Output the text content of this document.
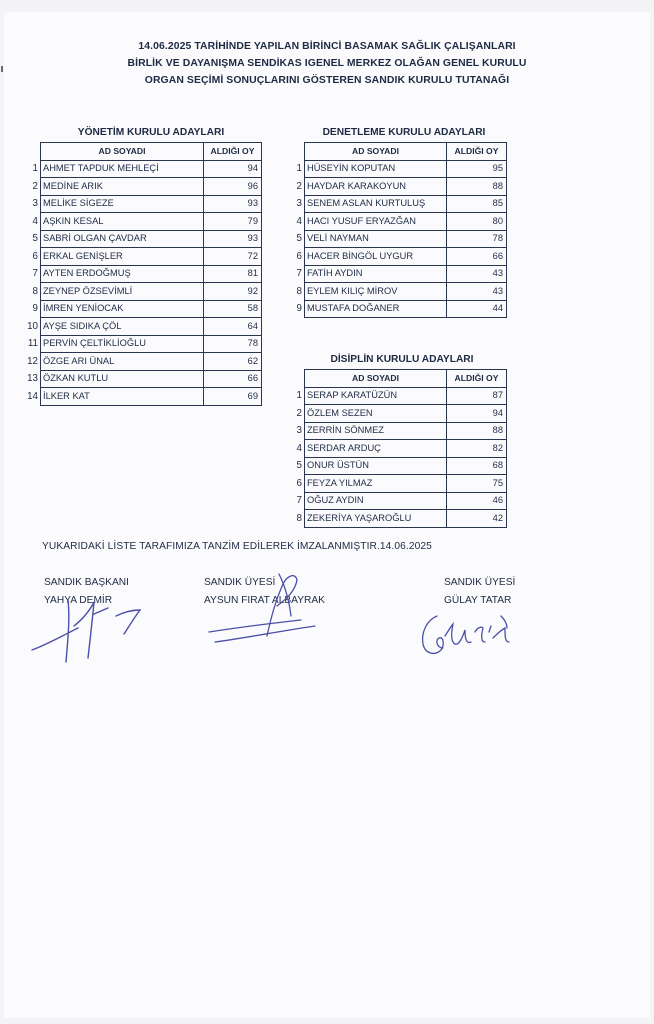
14.06.2025 TARİHİNDE YAPILAN BİRİNCİ BASAMAK SAĞLIK ÇALIŞANLARI
BİRLİK VE DAYANIŞMA SENDİKAS IGENEL MERKEZ OLAĞAN GENEL KURULU
ORGAN SEÇİMİ SONUÇLARINI GÖSTEREN SANDIK KURULU TUTANAĞI
YÖNETİM KURULU ADAYLARI
	AD SOYADI	ALDIĞI OY
1	AHMET TAPDUK MEHLEÇİ	94
2	MEDİNE ARIK	96
3	MELİKE SİGEZE	93
4	AŞKIN KESAL	79
5	SABRİ OLGAN ÇAVDAR	93
6	ERKAL GENİŞLER	72
7	AYTEN ERDOĞMUŞ	81
8	ZEYNEP ÖZSEVİMLİ	92
9	İMREN YENİOCAK	58
10	AYŞE SIDIKA ÇÖL	64
11	PERVİN ÇELTİKLİOĞLU	78
12	ÖZGE ARI ÜNAL	62
13	ÖZKAN KUTLU	66
14	İLKER KAT	69
DENETLEME KURULU ADAYLARI
	AD SOYADI	ALDIĞI OY
1	HÜSEYİN KOPUTAN	95
2	HAYDAR KARAKOYUN	88
3	SENEM ASLAN KURTULUŞ	85
4	HACI YUSUF ERYAZĞAN	80
5	VELİ NAYMAN	78
6	HACER BİNGÖL UYGUR	66
7	FATİH AYDIN	43
8	EYLEM KILIÇ MİROV	43
9	MUSTAFA DOĞANER	44
DİSİPLİN KURULU ADAYLARI
	AD SOYADI	ALDIĞI OY
1	SERAP KARATÜZÜN	87
2	ÖZLEM SEZEN	94
3	ZERRİN SÖNMEZ	88
4	SERDAR ARDUÇ	82
5	ONUR ÜSTÜN	68
6	FEYZA YILMAZ	75
7	OĞUZ AYDIN	46
8	ZEKERİYA YAŞAROĞLU	42
YUKARIDAKİ LİSTE TARAFIMIZA TANZİM EDİLEREK İMZALANMIŞTIR.14.06.2025
SANDIK BAŞKANI
YAHYA DEMİR
SANDIK ÜYESİ
AYSUN FIRAT ALBAYRAK
SANDIK ÜYESİ
GÜLAY TATAR
